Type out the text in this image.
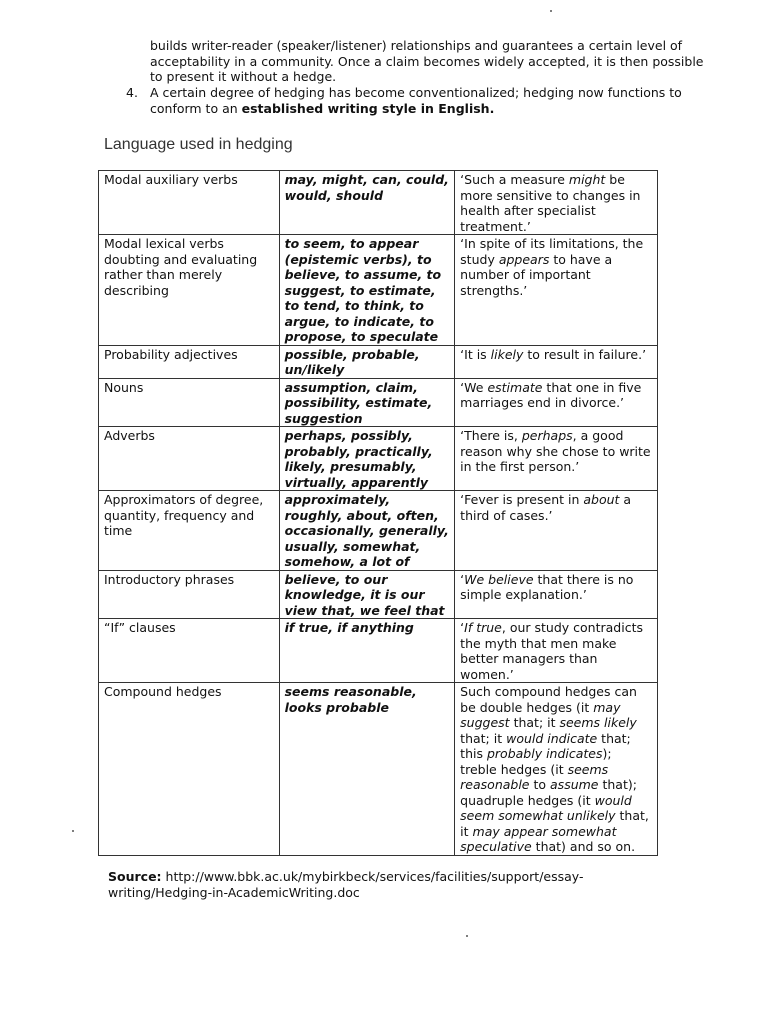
builds writer-reader (speaker/listener) relationships and guarantees a certain level of acceptability in a community. Once a claim becomes widely accepted, it is then possible to present it without a hedge.

4. A certain degree of hedging has become conventionalized; hedging now functions to conform to an established writing style in English.
Language used in hedging
Modal auxiliary verbs	may, might, can, could, would, should	‘Such a measure might be more sensitive to changes in health after specialist treatment.’
Modal lexical verbs doubting and evaluating rather than merely describing	to seem, to appear (epistemic verbs), to believe, to assume, to suggest, to estimate, to tend, to think, to argue, to indicate, to propose, to speculate	‘In spite of its limitations, the study appears to have a number of important strengths.’
Probability adjectives	possible, probable, un/likely	‘It is likely to result in failure.’
Nouns	assumption, claim, possibility, estimate, suggestion	‘We estimate that one in five marriages end in divorce.’
Adverbs	perhaps, possibly, probably, practically, likely, presumably, virtually, apparently	‘There is, perhaps, a good reason why she chose to write in the first person.’
Approximators of degree, quantity, frequency and time	approximately, roughly, about, often, occasionally, generally, usually, somewhat, somehow, a lot of	‘Fever is present in about a third of cases.’
Introductory phrases	believe, to our knowledge, it is our view that, we feel that	‘We believe that there is no simple explanation.’
“If” clauses	if true, if anything	‘If true, our study contradicts the myth that men make better managers than women.’
Compound hedges	seems reasonable, looks probable	Such compound hedges can be double hedges (it may suggest that; it seems likely that; it would indicate that; this probably indicates); treble hedges (it seems reasonable to assume that); quadruple hedges (it would seem somewhat unlikely that, it may appear somewhat speculative that) and so on.
Source: http://www.bbk.ac.uk/mybirkbeck/services/facilities/support/essay-writing/Hedging-in-AcademicWriting.doc
